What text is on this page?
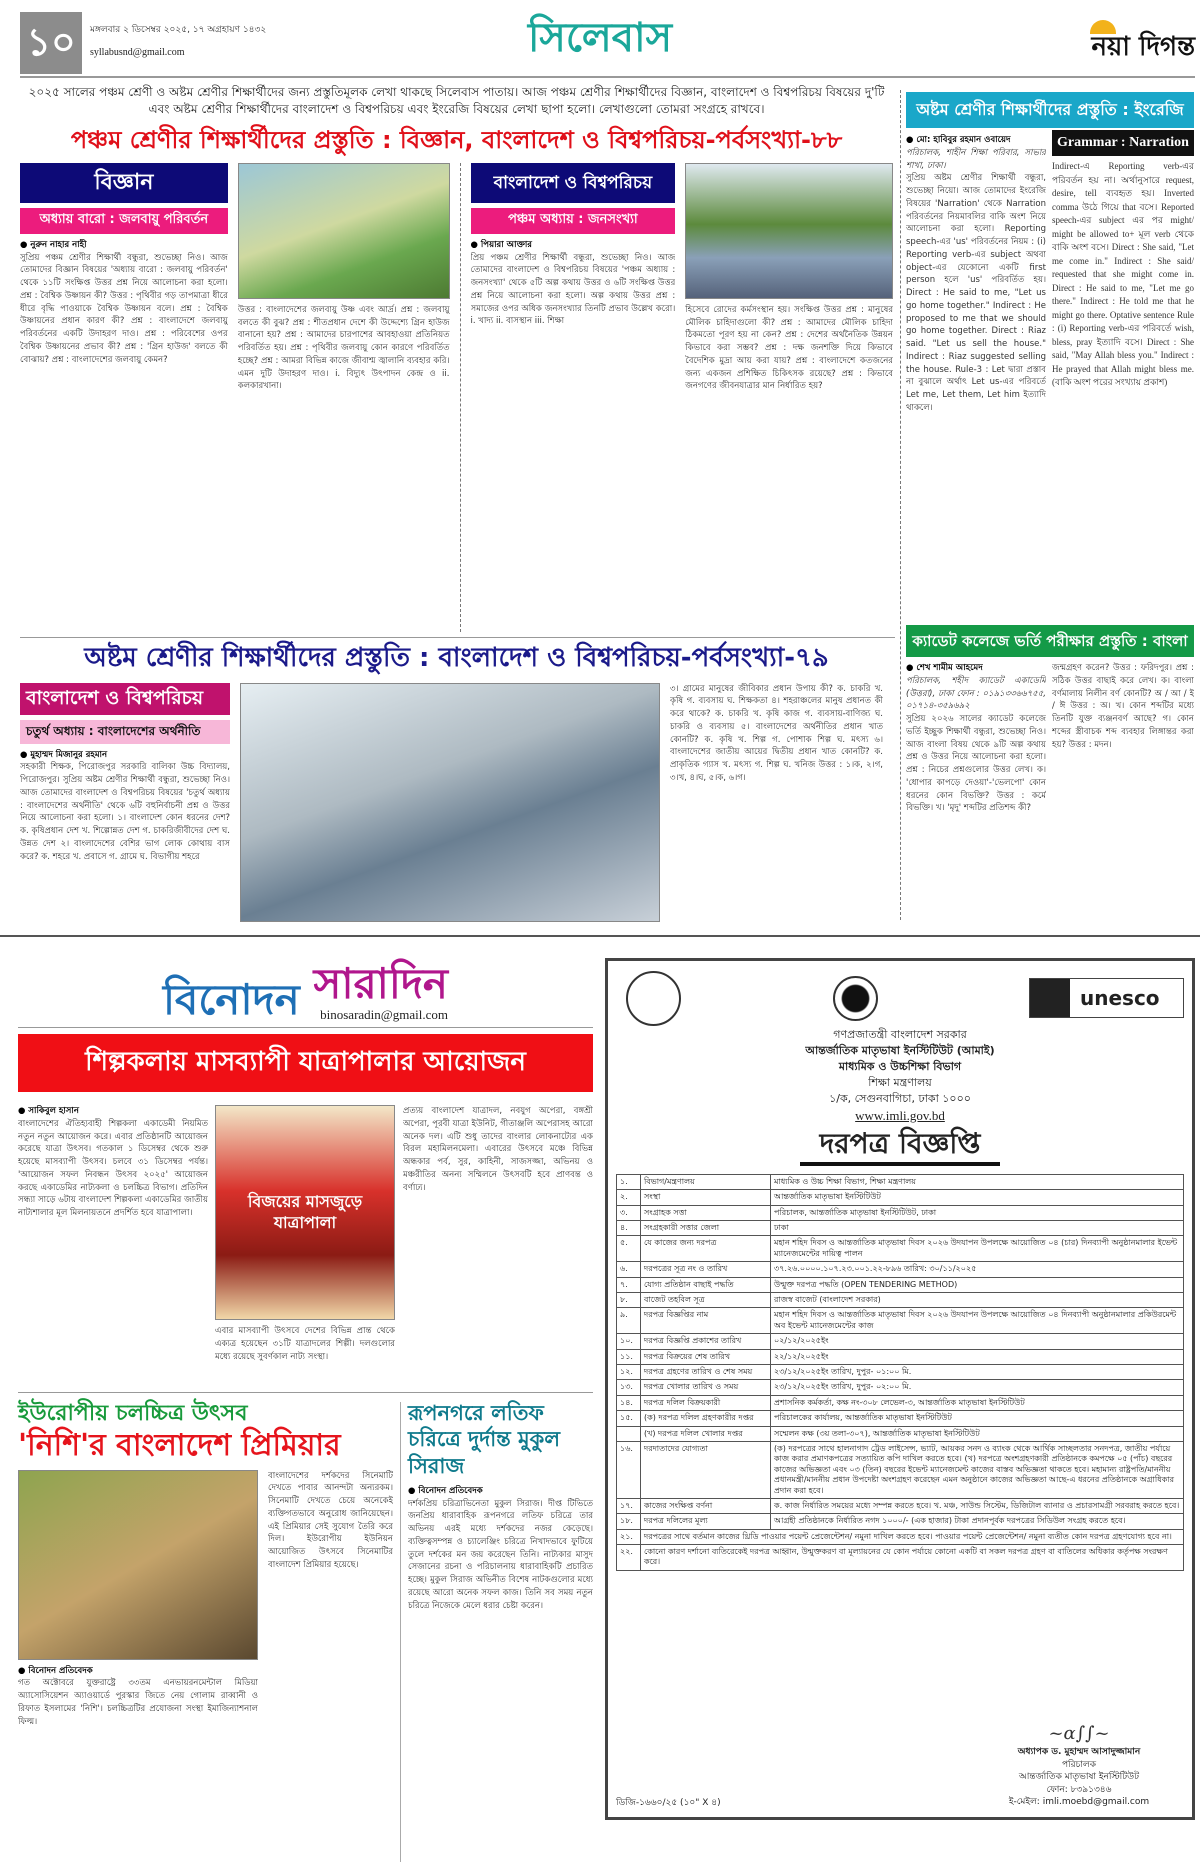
১০	মঙ্গলবার ২ ডিসেম্বর ২০২৫, ১৭ অগ্রহায়ণ ১৪৩২
syllabusnd@gmail.com	সিলেবাস	নয়া দিগন্ত
২০২৫ সালের পঞ্চম শ্রেণী ও অষ্টম শ্রেণীর শিক্ষার্থীদের জন্য প্রস্তুতিমূলক লেখা থাকছে সিলেবাস পাতায়। আজ পঞ্চম শ্রেণীর শিক্ষার্থীদের বিজ্ঞান, বাংলাদেশ ও বিশ্বপরিচয় বিষয়ের দু'টি এবং অষ্টম শ্রেণীর শিক্ষার্থীদের বাংলাদেশ ও বিশ্বপরিচয় এবং ইংরেজি বিষয়ের লেখা ছাপা হলো। লেখাগুলো তোমরা সংগ্রহে রাখবে।
পঞ্চম শ্রেণীর শিক্ষার্থীদের প্রস্তুতি : বিজ্ঞান, বাংলাদেশ ও বিশ্বপরিচয়-পর্বসংখ্যা-৮৮
বিজ্ঞান
অধ্যায় বারো : জলবায়ু পরিবর্তন
● নুরুন নাহার নাহী
সুপ্রিয় পঞ্চম শ্রেণীর শিক্ষার্থী বন্ধুরা, শুভেচ্ছা নিও। আজ তোমাদের বিজ্ঞান বিষয়ের 'অধ্যায় বারো : জলবায়ু পরিবর্তন' থেকে ১১টি সংক্ষিপ্ত উত্তর প্রশ্ন নিয়ে আলোচনা করা হলো। প্রশ্ন : বৈশ্বিক উষ্ণায়ন কী? উত্তর : পৃথিবীর গড় তাপমাত্রা ধীরে ধীরে বৃদ্ধি পাওয়াকে বৈশ্বিক উষ্ণায়ন বলে। প্রশ্ন : বৈশ্বিক উষ্ণায়নের প্রধান কারণ কী? প্রশ্ন : বাংলাদেশে জলবায়ু পরিবর্তনের একটি উদাহরণ দাও। প্রশ্ন : পরিবেশের ওপর বৈশ্বিক উষ্ণায়নের প্রভাব কী? প্রশ্ন : 'গ্রিন হাউজ' বলতে কী বোঝায়? প্রশ্ন : বাংলাদেশের জলবায়ু কেমন?
উত্তর : বাংলাদেশের জলবায়ু উষ্ণ এবং আর্দ্র। প্রশ্ন : জলবায়ু বলতে কী বুঝ? প্রশ্ন : শীতপ্রধান দেশে কী উদ্দেশ্যে গ্রিন হাউজ বানানো হয়? প্রশ্ন : আমাদের চারপাশের আবহাওয়া প্রতিনিয়ত পরিবর্তিত হয়। প্রশ্ন : পৃথিবীর জলবায়ু কোন কারণে পরিবর্তিত হচ্ছে? প্রশ্ন : আমরা বিভিন্ন কাজে জীবাশ্ম জ্বালানি ব্যবহার করি। এমন দুটি উদাহরণ দাও। i. বিদ্যুৎ উৎপাদন কেন্দ্র ও ii. কলকারখানা।
বাংলাদেশ ও বিশ্বপরিচয়
পঞ্চম অধ্যায় : জনসংখ্যা
● পিয়ারা আক্তার
প্রিয় পঞ্চম শ্রেণীর শিক্ষার্থী বন্ধুরা, শুভেচ্ছা নিও। আজ তোমাদের বাংলাদেশ ও বিশ্বপরিচয় বিষয়ের 'পঞ্চম অধ্যায় : জনসংখ্যা' থেকে ৫টি অল্প কথায় উত্তর ও ৬টি সংক্ষিপ্ত উত্তর প্রশ্ন নিয়ে আলোচনা করা হলো। অল্প কথায় উত্তর প্রশ্ন : সমাজের ওপর অধিক জনসংখ্যার তিনটি প্রভাব উল্লেখ করো। i. খাদ্য ii. বাসস্থান iii. শিক্ষা
হিসেবে রোদের কর্মসংস্থান হয়। সংক্ষিপ্ত উত্তর প্রশ্ন : মানুষের মৌলিক চাহিদাগুলো কী? প্রশ্ন : আমাদের মৌলিক চাহিদা ঠিকমতো পূরণ হয় না কেন? প্রশ্ন : দেশের অর্থনৈতিক উন্নয়ন কিভাবে করা সম্ভব? প্রশ্ন : দক্ষ জনশক্তি দিয়ে কিভাবে বৈদেশিক মুদ্রা আয় করা যায়? প্রশ্ন : বাংলাদেশে কতজনের জন্য একজন প্রশিক্ষিত চিকিৎসক রয়েছে? প্রশ্ন : কিভাবে জনগণের জীবনযাত্রার মান নির্ধারিত হয়?
অষ্টম শ্রেণীর শিক্ষার্থীদের প্রস্তুতি : ইংরেজি
● মো: হাবিবুর রহমান ওবায়েদ
পরিচালক, শাহীন শিক্ষা পরিবার, সাভার শাখা, ঢাকা।
সুপ্রিয় অষ্টম শ্রেণীর শিক্ষার্থী বন্ধুরা, শুভেচ্ছা নিয়ো। আজ তোমাদের ইংরেজি বিষয়ের 'Narration' থেকে Narration পরিবর্তনের নিয়মাবলির বাকি অংশ নিয়ে আলোচনা করা হলো। Reporting speech-এর 'us' পরিবর্তনের নিয়ম : (i) Reporting verb-এর subject অথবা object-এর যেকোনো একটি first person হলে 'us' পরিবর্তিত হয়। Direct : He said to me, "Let us go home together." Indirect : He proposed to me that we should go home together. Direct : Riaz said. "Let us sell the house." Indirect : Riaz suggested selling the house. Rule-3 : Let দ্বারা প্রস্তাব না বুঝালে অর্থাৎ Let us-এর পরিবর্তে Let me, Let them, Let him ইত্যাদি থাকলে।
Grammar : Narration
Indirect-এ Reporting verb-এর পরিবর্তন হয় না। অর্থানুসারে request, desire, tell ব্যবহৃত হয়। Inverted comma উঠে গিয়ে that বসে। Reported speech-এর subject এর পর might/ might be allowed to+ মূল verb থেকে বাকি অংশ বসে। Direct : She said, "Let me come in." Indirect : She said/ requested that she might come in. Direct : He said to me, "Let me go there." Indirect : He told me that he might go there. Optative sentence Rule : (i) Reporting verb-এর পরিবর্তে wish, bless, pray ইত্যাদি বসে। Direct : She said, "May Allah bless you." Indirect : He prayed that Allah might bless me. (বাকি অংশ পরের সংখ্যায় প্রকাশ)
অষ্টম শ্রেণীর শিক্ষার্থীদের প্রস্তুতি : বাংলাদেশ ও বিশ্বপরিচয়-পর্বসংখ্যা-৭৯
বাংলাদেশ ও বিশ্বপরিচয়
চতুর্থ অধ্যায় : বাংলাদেশের অর্থনীতি
● মুহাম্মদ মিজানুর রহমান
সহকারী শিক্ষক, পিরোজপুর সরকারি বালিকা উচ্চ বিদ্যালয়, পিরোজপুর। সুপ্রিয় অষ্টম শ্রেণীর শিক্ষার্থী বন্ধুরা, শুভেচ্ছা নিও। আজ তোমাদের বাংলাদেশ ও বিশ্বপরিচয় বিষয়ের 'চতুর্থ অধ্যায় : বাংলাদেশের অর্থনীতি' থেকে ৬টি বহুনির্বাচনী প্রশ্ন ও উত্তর নিয়ে আলোচনা করা হলো। ১। বাংলাদেশ কোন ধরনের দেশ? ক. কৃষিপ্রধান দেশ খ. শিল্পোন্নত দেশ গ. চাকরিজীবীদের দেশ ঘ. উন্নত দেশ ২। বাংলাদেশের বেশির ভাগ লোক কোথায় বাস করে? ক. শহরে খ. প্রবাসে গ. গ্রামে ঘ. বিভাগীয় শহরে
৩। গ্রামের মানুষের জীবিকার প্রধান উপায় কী? ক. চাকরি খ. কৃষি গ. ব্যবসায় ঘ. শিক্ষকতা ৪। শহরাঞ্চলের মানুষ প্রধানত কী করে থাকে? ক. চাকরি খ. কৃষি কাজ গ. ব্যবসায়-বাণিজ্য ঘ. চাকরি ও ব্যবসায় ৫। বাংলাদেশের অর্থনীতির প্রধান খাত কোনটি? ক. কৃষি খ. শিল্প গ. পোশাক শিল্প ঘ. মৎস্য ৬। বাংলাদেশের জাতীয় আয়ের দ্বিতীয় প্রধান খাত কোনটি? ক. প্রাকৃতিক গ্যাস খ. মৎস্য গ. শিল্প ঘ. খনিজ উত্তর : ১।ক, ২।গ, ৩।খ, ৪।ঘ, ৫।ক, ৬।গ।
ক্যাডেট কলেজে ভর্তি পরীক্ষার প্রস্তুতি : বাংলা
● শেখ শামীম আহমেদ
পরিচালক, শহীদ ক্যাডেট একাডেমি (উত্তরা), ঢাকা ফোন : ০১৯১৩৩৬৬৭৫৫, ০১৭১৪-৩৫৯৬৯২
সুপ্রিয় ২০২৬ সালের ক্যাডেট কলেজে ভর্তি ইচ্ছুক শিক্ষার্থী বন্ধুরা, শুভেচ্ছা নিও। আজ বাংলা বিষয় থেকে ৯টি অল্প কথায় প্রশ্ন ও উত্তর নিয়ে আলোচনা করা হলো। প্রশ্ন : নিচের প্রশ্নগুলোর উত্তর লেখ। ক। 'ধোপার কাপড়ে দেওয়া'-'ভেলপো' কোন ধরনের কোন বিভক্তি? উত্তর : কর্মে বিভক্তি। খ। 'মৃদু' শব্দটির প্রতিশব্দ কী?
জন্মগ্রহণ করেন? উত্তর : ফরিদপুর। প্রশ্ন : সঠিক উত্তর বাছাই করে লেখ। ক। বাংলা বর্ণমালায় নিলীন বর্ণ কোনটি? অ / আ / ই / ঈ উত্তর : অ। খ। কোন শব্দটির মধ্যে তিনটি যুক্ত ব্যঞ্জনবর্ণ আছে? গ। কোন শব্দের স্ত্রীবাচক শব্দ ব্যবহার লিঙ্গান্তর করা হয়? উত্তর : মদন।
বিনোদন সারাদিন
binosaradin@gmail.com
শিল্পকলায় মাসব্যাপী যাত্রাপালার আয়োজন
● সাকিবুল হাসান
বাংলাদেশের ঐতিহ্যবাহী শিল্পকলা একাডেমী নিয়মিত নতুন নতুন আয়োজন করে। এবার প্রতিষ্ঠানটি আয়োজন করেছে যাত্রা উৎসব। গতকাল ১ ডিসেম্বর থেকে শুরু হয়েছে মাসব্যাপী উৎসব। চলবে ৩১ ডিসেম্বর পর্যন্ত। 'আয়োজন সফল নিবন্ধন উৎসব ২০২৫' আয়োজন করছে একাডেমির নাট্যকলা ও চলচ্চিত্র বিভাগ। প্রতিদিন সন্ধ্যা সাড়ে ৬টায় বাংলাদেশ শিল্পকলা একাডেমির জাতীয় নাট্যশালার মূল মিলনায়তনে প্রদর্শিত হবে যাত্রাপালা।
বিজয়ের মাসজুড়ে যাত্রাপালা
এবার মাসব্যাপী উৎসবে দেশের বিভিন্ন প্রান্ত থেকে এক্যত্র হয়েছেন ৩১টি যাত্রাদলের শিল্পী। দলগুলোর মধ্যে রয়েছে সুবর্ণকাল নাট্য সংস্থা।
প্রত্যয় বাংলাদেশ যাত্রাদল, নবযুগ অপেরা, বঙ্গশ্রী অপেরা, পূরবী যাত্রা ইউনিট, গীতাঞ্জলি অপেরাসহ আরো অনেক দল। এটি শুধু তাদের বাংলার লোকনাট্যের এক বিরল মহামিলনমেলা। এবারের উৎসবে মঞ্চে বিভিন্ন অন্ধকার পর্ব, সুর, কাহিনী, সাজসজ্জা, অভিনয় ও মঞ্চরীতির অনন্য সম্মিলনে উৎসবটি হবে প্রাণবন্ত ও বর্ণাঢ্য।
ইউরোপীয় চলচ্চিত্র উৎসব
'নিশি'র বাংলাদেশ প্রিমিয়ার
● বিনোদন প্রতিবেদক
গত অক্টোবরে যুক্তরাষ্ট্রে ৩৩তম এনভায়রনমেন্টাল মিডিয়া অ্যাসোসিয়েশন অ্যাওয়ার্ডে পুরস্কার জিতে নেয় গোলাম রাব্বানী ও রিফাত ইসলামের 'নিশি'। চলচ্চিত্রটির প্রযোজনা সংস্থা ইমাজিন্যাশনাল ফিল্ম।
বাংলাদেশের দর্শকদের সিনেমাটি দেখতে পাবার আনন্দটা অন্যরকম। সিনেমাটি দেখতে চেয়ে অনেকেই ব্যক্তিগতভাবে অনুরোধ জানিয়েছেন। এই প্রিমিয়ার সেই সুযোগ তৈরি করে দিল। ইউরোপীয় ইউনিয়ন আয়োজিত উৎসবে সিনেমাটির বাংলাদেশ প্রিমিয়ার হয়েছে।
রূপনগরে লতিফ চরিত্রে দুর্দান্ত মুকুল সিরাজ
● বিনোদন প্রতিবেদক
দর্শকপ্রিয় চরিত্রাভিনেতা মুকুল সিরাজ। দীপ্ত টিভিতে জনপ্রিয় ধারাবাহিক রূপনগরে লতিফ চরিত্রে তার অভিনয় এরই মধ্যে দর্শকদের নজর কেড়েছে। ব্যক্তিত্বসম্পন্ন ও চ্যালেঞ্জিং চরিত্রে নিখাদভাবে ফুটিয়ে তুলে দর্শকের মন জয় করেছেন তিনি। নাট্যকার মাসুদ সেজানের রচনা ও পরিচালনায় ধারাবাহিকটি প্রচারিত হচ্ছে। মুকুল সিরাজ অভিনীত বিশেষ নাটকগুলোর মধ্যে রয়েছে আরো অনেক সফল কাজ। তিনি সব সময় নতুন চরিত্রে নিজেকে মেলে ধরার চেষ্টা করেন।
unesco
গণপ্রজাতন্ত্রী বাংলাদেশ সরকার
আন্তর্জাতিক মাতৃভাষা ইনস্টিটিউট (আমাই)
মাধ্যমিক ও উচ্চশিক্ষা বিভাগ
শিক্ষা মন্ত্রণালয়
১/ক, সেগুনবাগিচা, ঢাকা ১০০০
www.imli.gov.bd
দরপত্র বিজ্ঞপ্তি
১.	বিভাগ/মন্ত্রণালয়	মাধ্যমিক ও উচ্চ শিক্ষা বিভাগ, শিক্ষা মন্ত্রণালয়
২.	সংস্থা	আন্তর্জাতিক মাতৃভাষা ইনস্টিটিউট
৩.	সংগ্রাহক সত্তা	পরিচালক, আন্তর্জাতিক মাতৃভাষা ইনস্টিটিউট, ঢাকা
৪.	সংগ্রহকারী সত্তার জেলা	ঢাকা
৫.	যে কাজের জন্য দরপত্র	মহান শহিদ দিবস ও আন্তর্জাতিক মাতৃভাষা দিবস ২০২৬ উদযাপন উপলক্ষে আয়োজিত ০৪ (চার) দিনব্যাপী অনুষ্ঠানমালার ইভেন্ট ম্যানেজমেন্টের দায়িত্ব পালন
৬.	দরপত্রের সূত্র নং ও তারিখ	৩৭.২৬.০০০০.১০৭.২৩.০০১.২২-৮৯৬ তারিখ: ৩০/১১/২০২৫
৭.	যোগ্য প্রতিষ্ঠান বাছাই পদ্ধতি	উন্মুক্ত দরপত্র পদ্ধতি (OPEN TENDERING METHOD)
৮.	বাজেট তহবিল সূত্র	রাজস্ব বাজেট (বাংলাদেশ সরকার)
৯.	দরপত্র বিজ্ঞপ্তির নাম	মহান শহিদ দিবস ও আন্তর্জাতিক মাতৃভাষা দিবস ২০২৬ উদযাপন উপলক্ষে আয়োজিত ০৪ দিনব্যাপী অনুষ্ঠানমালার প্রকিউরমেন্ট অব ইভেন্ট ম্যানেজমেন্টের কাজ
১০.	দরপত্র বিজ্ঞপ্তি প্রকাশের তারিখ	০২/১২/২০২৫ইং
১১.	দরপত্র বিক্রয়ের শেষ তারিখ	২২/১২/২০২৫ইং
১২.	দরপত্র গ্রহণের তারিখ ও শেষ সময়	২৩/১২/২০২৫ইং তারিখ, দুপুর- ০১:০০ মি.
১৩.	দরপত্র খোলার তারিখ ও সময়	২৩/১২/২০২৫ইং তারিখ, দুপুর- ০২:০০ মি.
১৪.	দরপত্র দলিল বিক্রয়কারী	প্রশাসনিক কর্মকর্তা, কক্ষ নং-৩০৮ লেভেল-৩, আন্তর্জাতিক মাতৃভাষা ইনস্টিটিউট
১৫.	(ক) দরপত্র দলিল গ্রহণকারীর দপ্তর	পরিচালকের কার্যালয়, আন্তর্জাতিক মাতৃভাষা ইনস্টিটিউট
	(খ) দরপত্র দলিল খোলার দপ্তর	সম্মেলন কক্ষ (৩য় তলা-৩০৭), আন্তর্জাতিক মাতৃভাষা ইনস্টিটিউট
১৬.	দরদাতাদের যোগ্যতা	(ক) দরপত্রের সাথে হালনাগাদ ট্রেড লাইসেন্স, ভ্যাট, আয়কর সনদ ও ব্যাংক থেকে আর্থিক সাচ্ছলতার সনদপত্র, জাতীয় পর্যায়ে কাজ করার প্রমাণকপত্রের সত্যায়িত কপি দাখিল করতে হবে। (খ) দরপত্রে অংশগ্রহণকারী প্রতিষ্ঠানকে কমপক্ষে ০৫ (পাঁচ) বছরের কাজের অভিজ্ঞতা এবং ০৩ (তিন) বছরের ইভেন্ট ম্যানেজমেন্ট কাজের বাস্তব অভিজ্ঞতা থাকতে হবে। মহামান্য রাষ্ট্রপতি/মাননীয় প্রধানমন্ত্রী/মাননীয় প্রধান উপদেষ্টা অংশগ্রহণ করেছেন এমন অনুষ্ঠানে কাজের অভিজ্ঞতা আছে-এ ধরনের প্রতিষ্ঠানকে অগ্রাধিকার প্রদান করা হবে।
১৭.	কাজের সংক্ষিপ্ত বর্ণনা	ক. কাজ নির্ধারিত সময়ের মধ্যে সম্পন্ন করতে হবে। খ. মঞ্চ, সাউন্ড সিস্টেম, ডিজিটাল ব্যানার ও প্রচারসামগ্রী সরবরাহ করতে হবে।
১৮.	দরপত্র দলিলের মূল্য	আগ্রহী প্রতিষ্ঠানকে নির্ধারিত নগদ ১০০০/- (এক হাজার) টাকা প্রদানপূর্বক দরপত্রের সিডিউল সংগ্রহ করতে হবে।
২১.	দরপত্রের সাথে বর্তমান কাজের থ্রিডি পাওয়ার পয়েন্ট প্রেজেন্টেশন/ নমুনা দাখিল করতে হবে। পাওয়ার পয়েন্ট প্রেজেন্টেশন/ নমুনা ব্যতীত কোন দরপত্র গ্রহণযোগ্য হবে না।	
২২.	কোনো কারণ দর্শানো ব্যতিরেকেই দরপত্র আহ্বান, উন্মুক্তকরণ বা মূল্যায়নের যে কোন পর্যায়ে কোনো একটি বা সকল দরপত্র গ্রহণ বা বাতিলের অধিকার কর্তৃপক্ষ সংরক্ষণ করে।	
ডিজি-১৬৬০/২৫ (১০" X ৪)
~ɑ∫∫~
অধ্যাপক ড. মুহাম্মদ আসাদুজ্জামান
পরিচালক
আন্তর্জাতিক মাতৃভাষা ইনস্টিটিউট
ফোন: ৮৩৯১৩৪৬
ই-মেইল: imli.moebd@gmail.com
